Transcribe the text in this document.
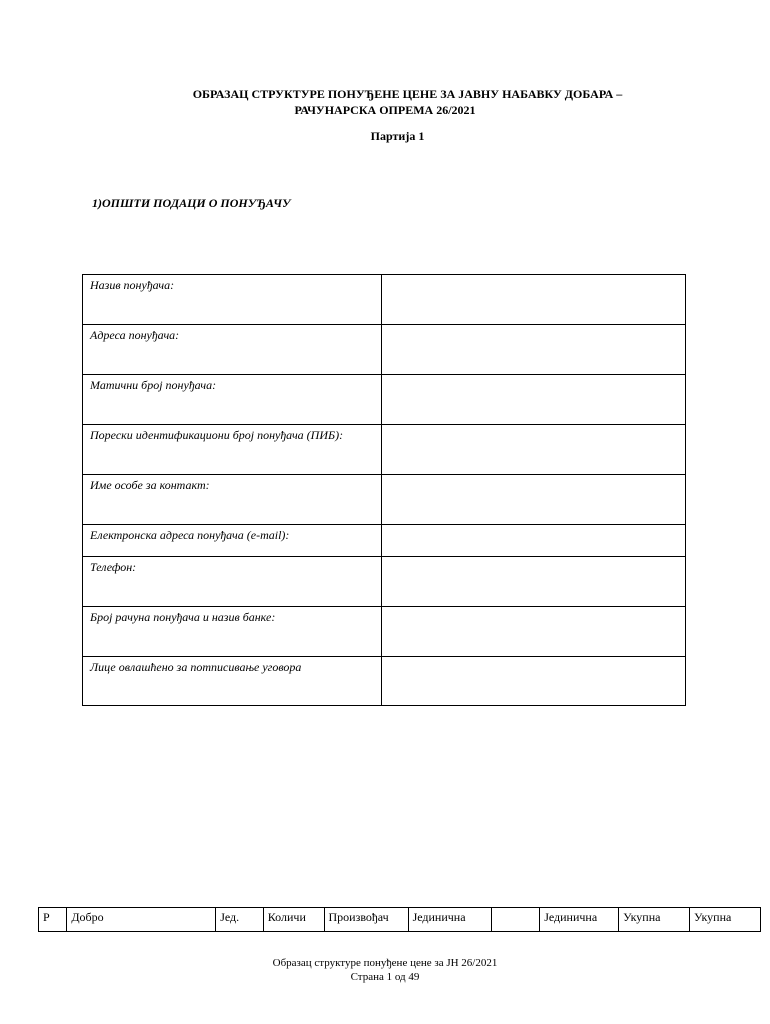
ОБРАЗАЦ СТРУКТУРЕ ПОНУЂЕНЕ ЦЕНЕ ЗА ЈАВНУ НАБАВКУ ДОБАРА –
РАЧУНАРСКА ОПРЕМА 26/2021
Партија 1
1)ОПШТИ ПОДАЦИ О ПОНУЂАЧУ
Назив понуђача:	
Адреса понуђача:	
Матични број понуђача:	
Порески идентификациони број понуђача (ПИБ):	
Име особе за контакт:	
Електронска адреса понуђача (e-mail):	
Телефон:	
Број рачуна понуђача и назив банке:	
Лице овлашћено за потписивање уговора	
Р	Добро	Јед.	Количи	Произвођач	Јединична		Јединична	Укупна	Укупна
Образац структуре понуђене цене за ЈН 26/2021
Страна 1 од 49
